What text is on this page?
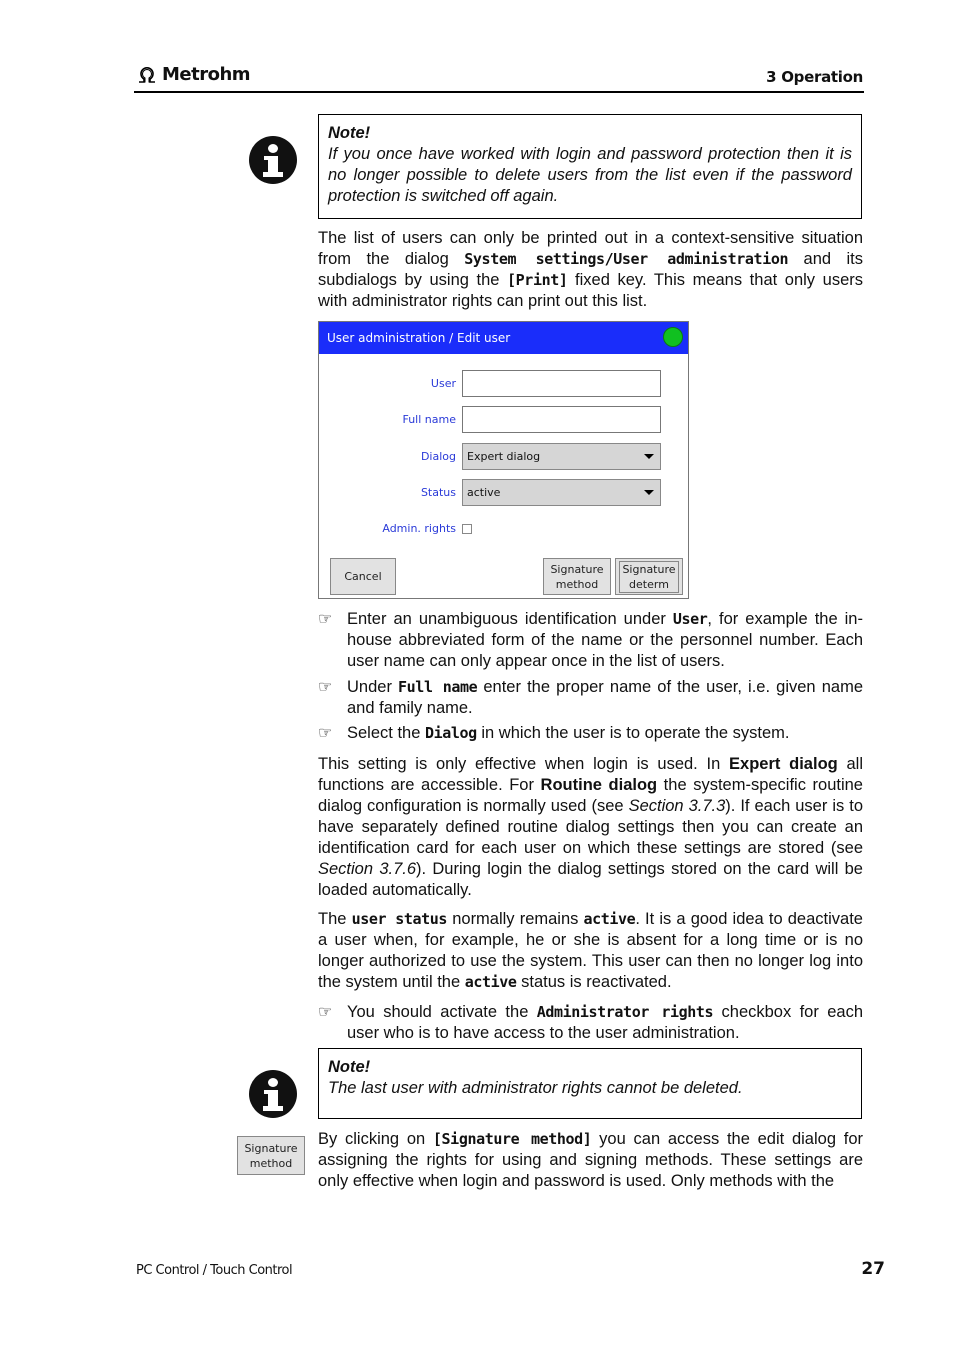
Metrohm	3 Operation
Note!
If you once have worked with login and password protection then it is no longer possible to delete users from the list even if the password protection is switched off again.
The list of users can only be printed out in a context-sensitive situation from the dialog System settings/User administration and its subdialogs by using the [Print] fixed key. This means that only users with administrator rights can print out this list.
User administration / Edit user
User
Full name
Dialog	Expert dialog
Status	active
Admin. rights
Cancel
Signature
method
Signature
determ
☞ Enter an unambiguous identification under User, for example the in-house abbreviated form of the name or the personnel number. Each user name can only appear once in the list of users.
☞ Under Full name enter the proper name of the user, i.e. given name and family name.
☞ Select the Dialog in which the user is to operate the system.
This setting is only effective when login is used. In Expert dialog all functions are accessible. For Routine dialog the system-specific routine dialog configuration is normally used (see Section 3.7.3). If each user is to have separately defined routine dialog settings then you can create an identification card for each user on which these settings are stored (see Section 3.7.6). During login the dialog settings stored on the card will be loaded automatically.
The user status normally remains active. It is a good idea to deactivate a user when, for example, he or she is absent for a long time or is no longer authorized to use the system. This user can then no longer log into the system until the active status is reactivated.
☞ You should activate the Administrator rights checkbox for each user who is to have access to the user administration.
Note!
The last user with administrator rights cannot be deleted.
Signature
method
By clicking on [Signature method] you can access the edit dialog for assigning the rights for using and signing methods. These settings are only effective when login and password is used. Only methods with the
PC Control / Touch Control	27
